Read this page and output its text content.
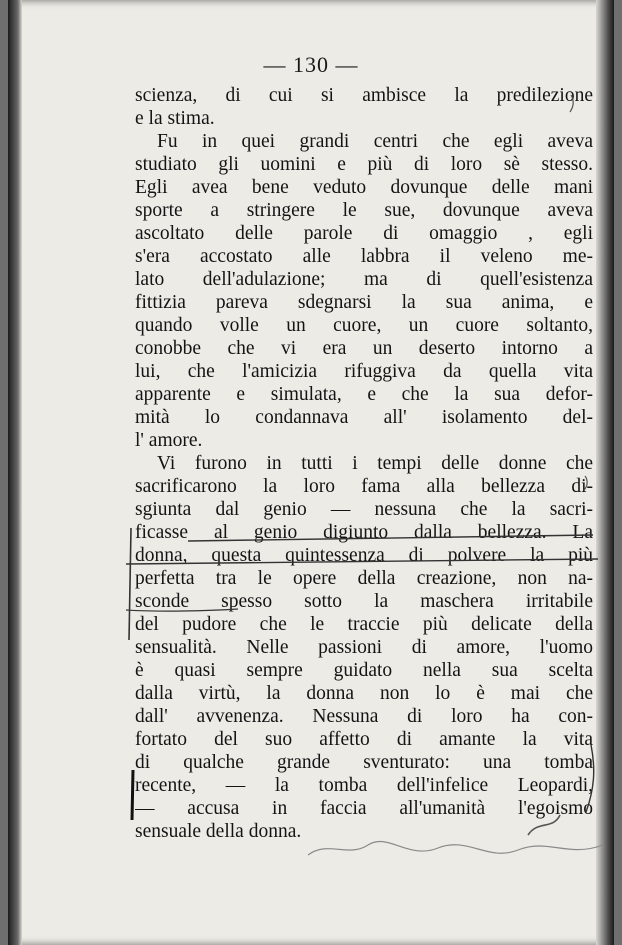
— 130 —
scienza, di cui si ambisce la predilezione
e la stima.
Fu in quei grandi centri che egli aveva
studiato gli uomini e più di loro sè stesso.
Egli avea bene veduto dovunque delle mani
sporte a stringere le sue, dovunque aveva
ascoltato delle parole di omaggio , egli
s'era accostato alle labbra il veleno me-
lato dell'adulazione; ma di quell'esistenza
fittizia pareva sdegnarsi la sua anima, e
quando volle un cuore, un cuore soltanto,
conobbe che vi era un deserto intorno a
lui, che l'amicizia rifuggiva da quella vita
apparente e simulata, e che la sua defor-
mità lo condannava all' isolamento del-
l' amore.
Vi furono in tutti i tempi delle donne che
sacrificarono la loro fama alla bellezza di-
sgiunta dal genio — nessuna che la sacri-
ficasse al genio digiunto dalla bellezza. La
donna, questa quintessenza di polvere la più
perfetta tra le opere della creazione, non na-
sconde spesso sotto la maschera irritabile
del pudore che le traccie più delicate della
sensualità. Nelle passioni di amore, l'uomo
è quasi sempre guidato nella sua scelta
dalla virtù, la donna non lo è mai che
dall' avvenenza. Nessuna di loro ha con-
fortato del suo affetto di amante la vita
di qualche grande sventurato: una tomba
recente, — la tomba dell'infelice Leopardi,
— accusa in faccia all'umanità l'egoismo
sensuale della donna.
